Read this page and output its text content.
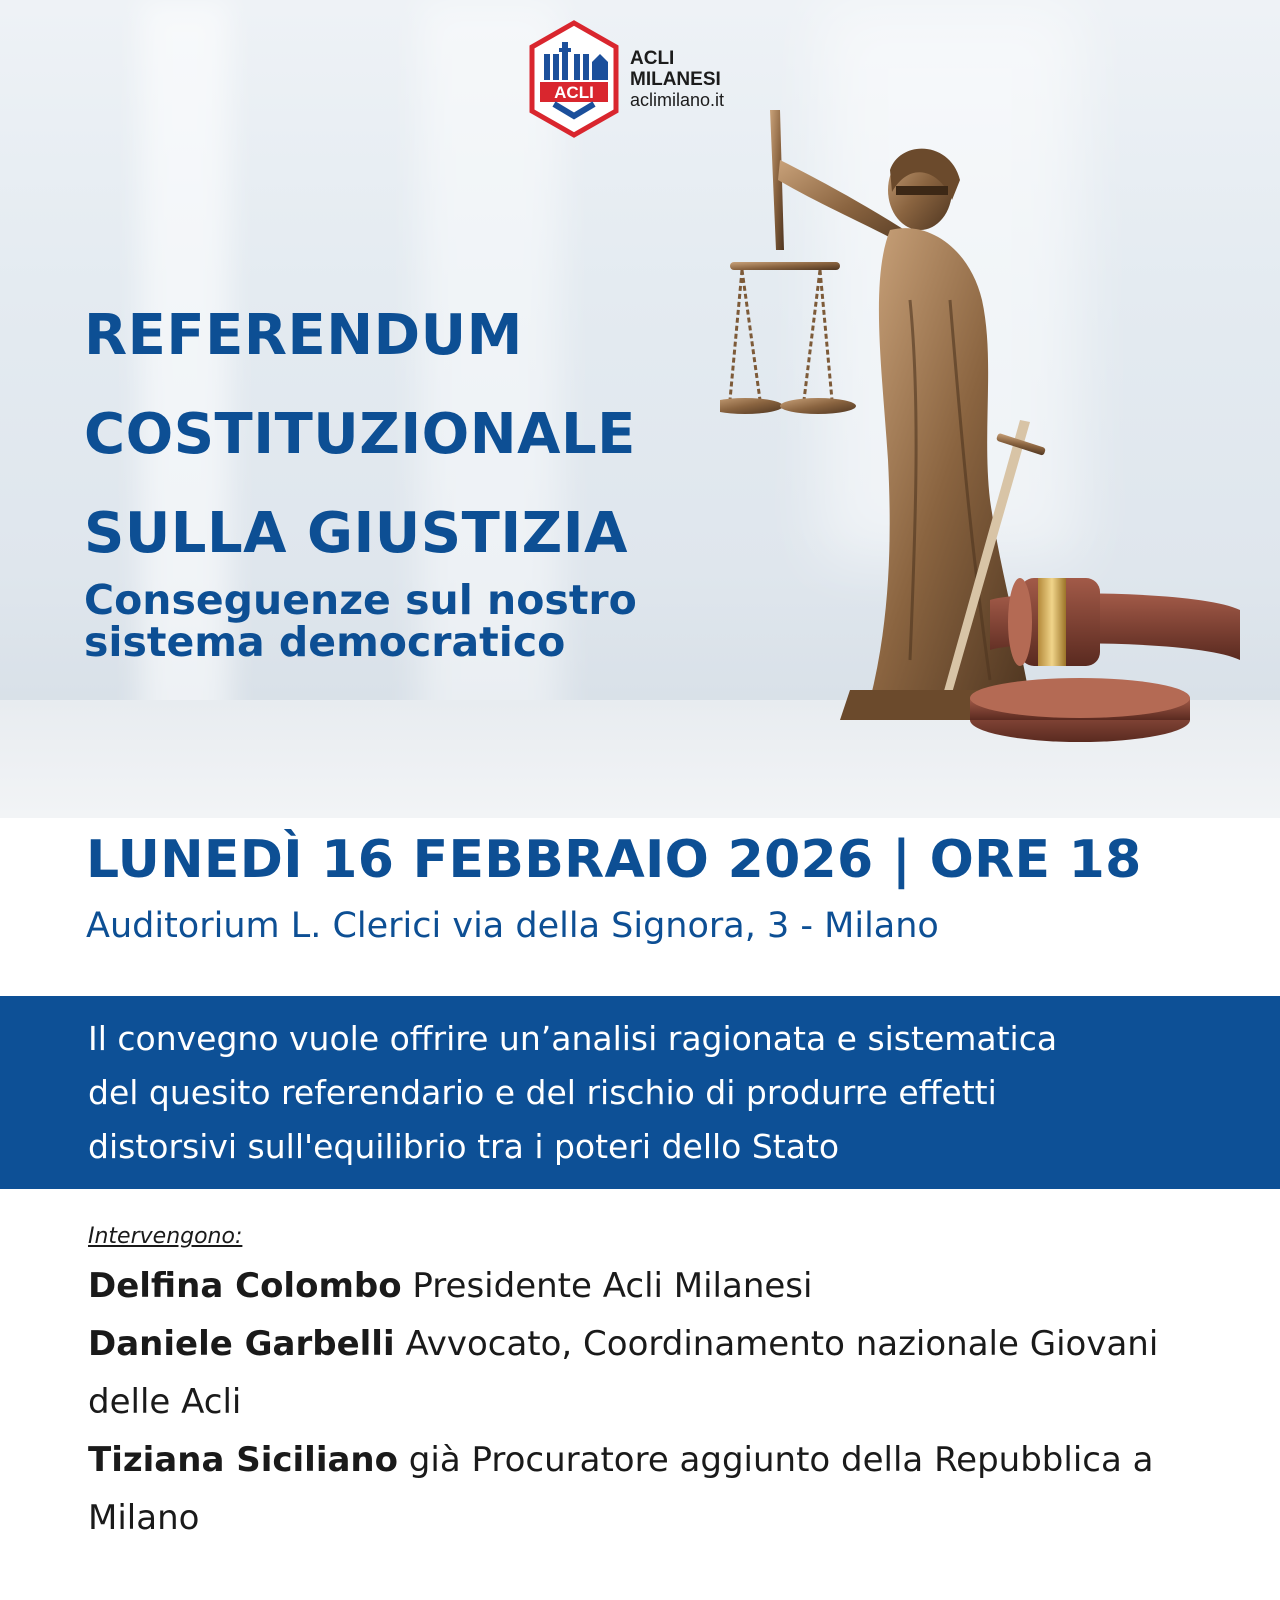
ACLI
ACLI
MILANESI
aclimilano.it
REFERENDUM
COSTITUZIONALE
SULLA GIUSTIZIA
Conseguenze sul nostro
sistema democratico
LUNEDÌ 16 FEBBRAIO 2026 | ORE 18
Auditorium L. Clerici via della Signora, 3 - Milano

Il convegno vuole offrire un’analisi ragionata e sistematica
del quesito referendario e del rischio di produrre effetti
distorsivi sull'equilibrio tra i poteri dello Stato

Intervengono:

Delfina Colombo Presidente Acli Milanesi

Daniele Garbelli Avvocato, Coordinamento nazionale Giovani delle Acli

Tiziana Siciliano già Procuratore aggiunto della Repubblica a Milano
